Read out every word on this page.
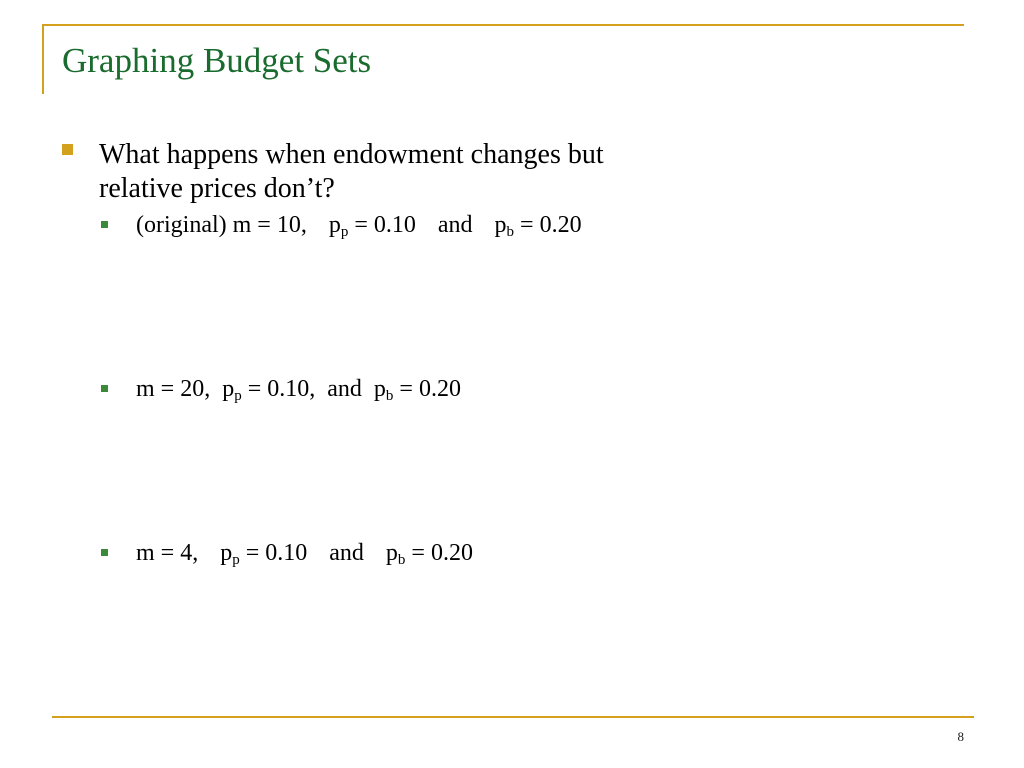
Graphing Budget Sets
What happens when endowment changes but
relative prices don’t?
(original) m = 10, $p_p = 0.10$ and $p_b = 0.20$
m = 20, $p_p = 0.10$, and $p_b = 0.20$
m = 4, $p_p = 0.10$ and $p_b = 0.20$
8
